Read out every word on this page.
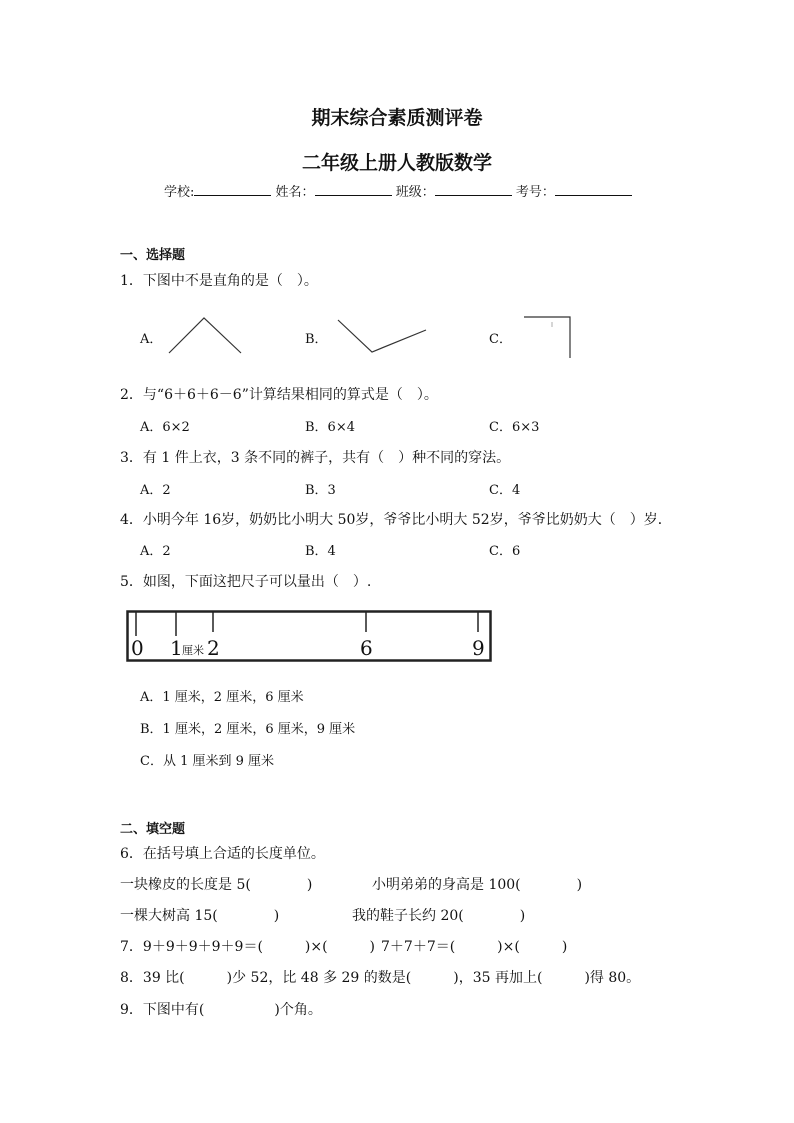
期末综合素质测评卷
二年级上册人教版数学
学校:	姓名：	班级：	考号：
一、选择题
1．下图中不是直角的是（　）。
A．	B．	C．
2．与“6＋6＋6－6”计算结果相同的算式是（　）。
A．6×2	B．6×4	C．6×3
3．有 1 件上衣，3 条不同的裤子，共有（　）种不同的穿法。
A．2	B．3	C．4
4．小明今年 16岁，奶奶比小明大 50岁，爷爷比小明大 52岁，爷爷比奶奶大（　）岁．
A．2	B．4	C．6
5．如图，下面这把尺子可以量出（　）.
0 1 厘米 2	6	9
A．1 厘米，2 厘米，6 厘米
B．1 厘米，2 厘米，6 厘米，9 厘米
C．从 1 厘米到 9 厘米
二、填空题
6．在括号填上合适的长度单位。
一块橡皮的长度是 5(　　　　)	小明弟弟的身高是 100(　　　　)
一棵大树高 15(　　　　)	我的鞋子长约 20(　　　　)
7．9＋9＋9＋9＋9＝(　　　)×(　　　) 7＋7＋7＝(　　　)×(　　　)
8．39 比(　　　)少 52，比 48 多 29 的数是(　　　)，35 再加上(　　　)得 80。
9．下图中有(　　　　　)个角。
